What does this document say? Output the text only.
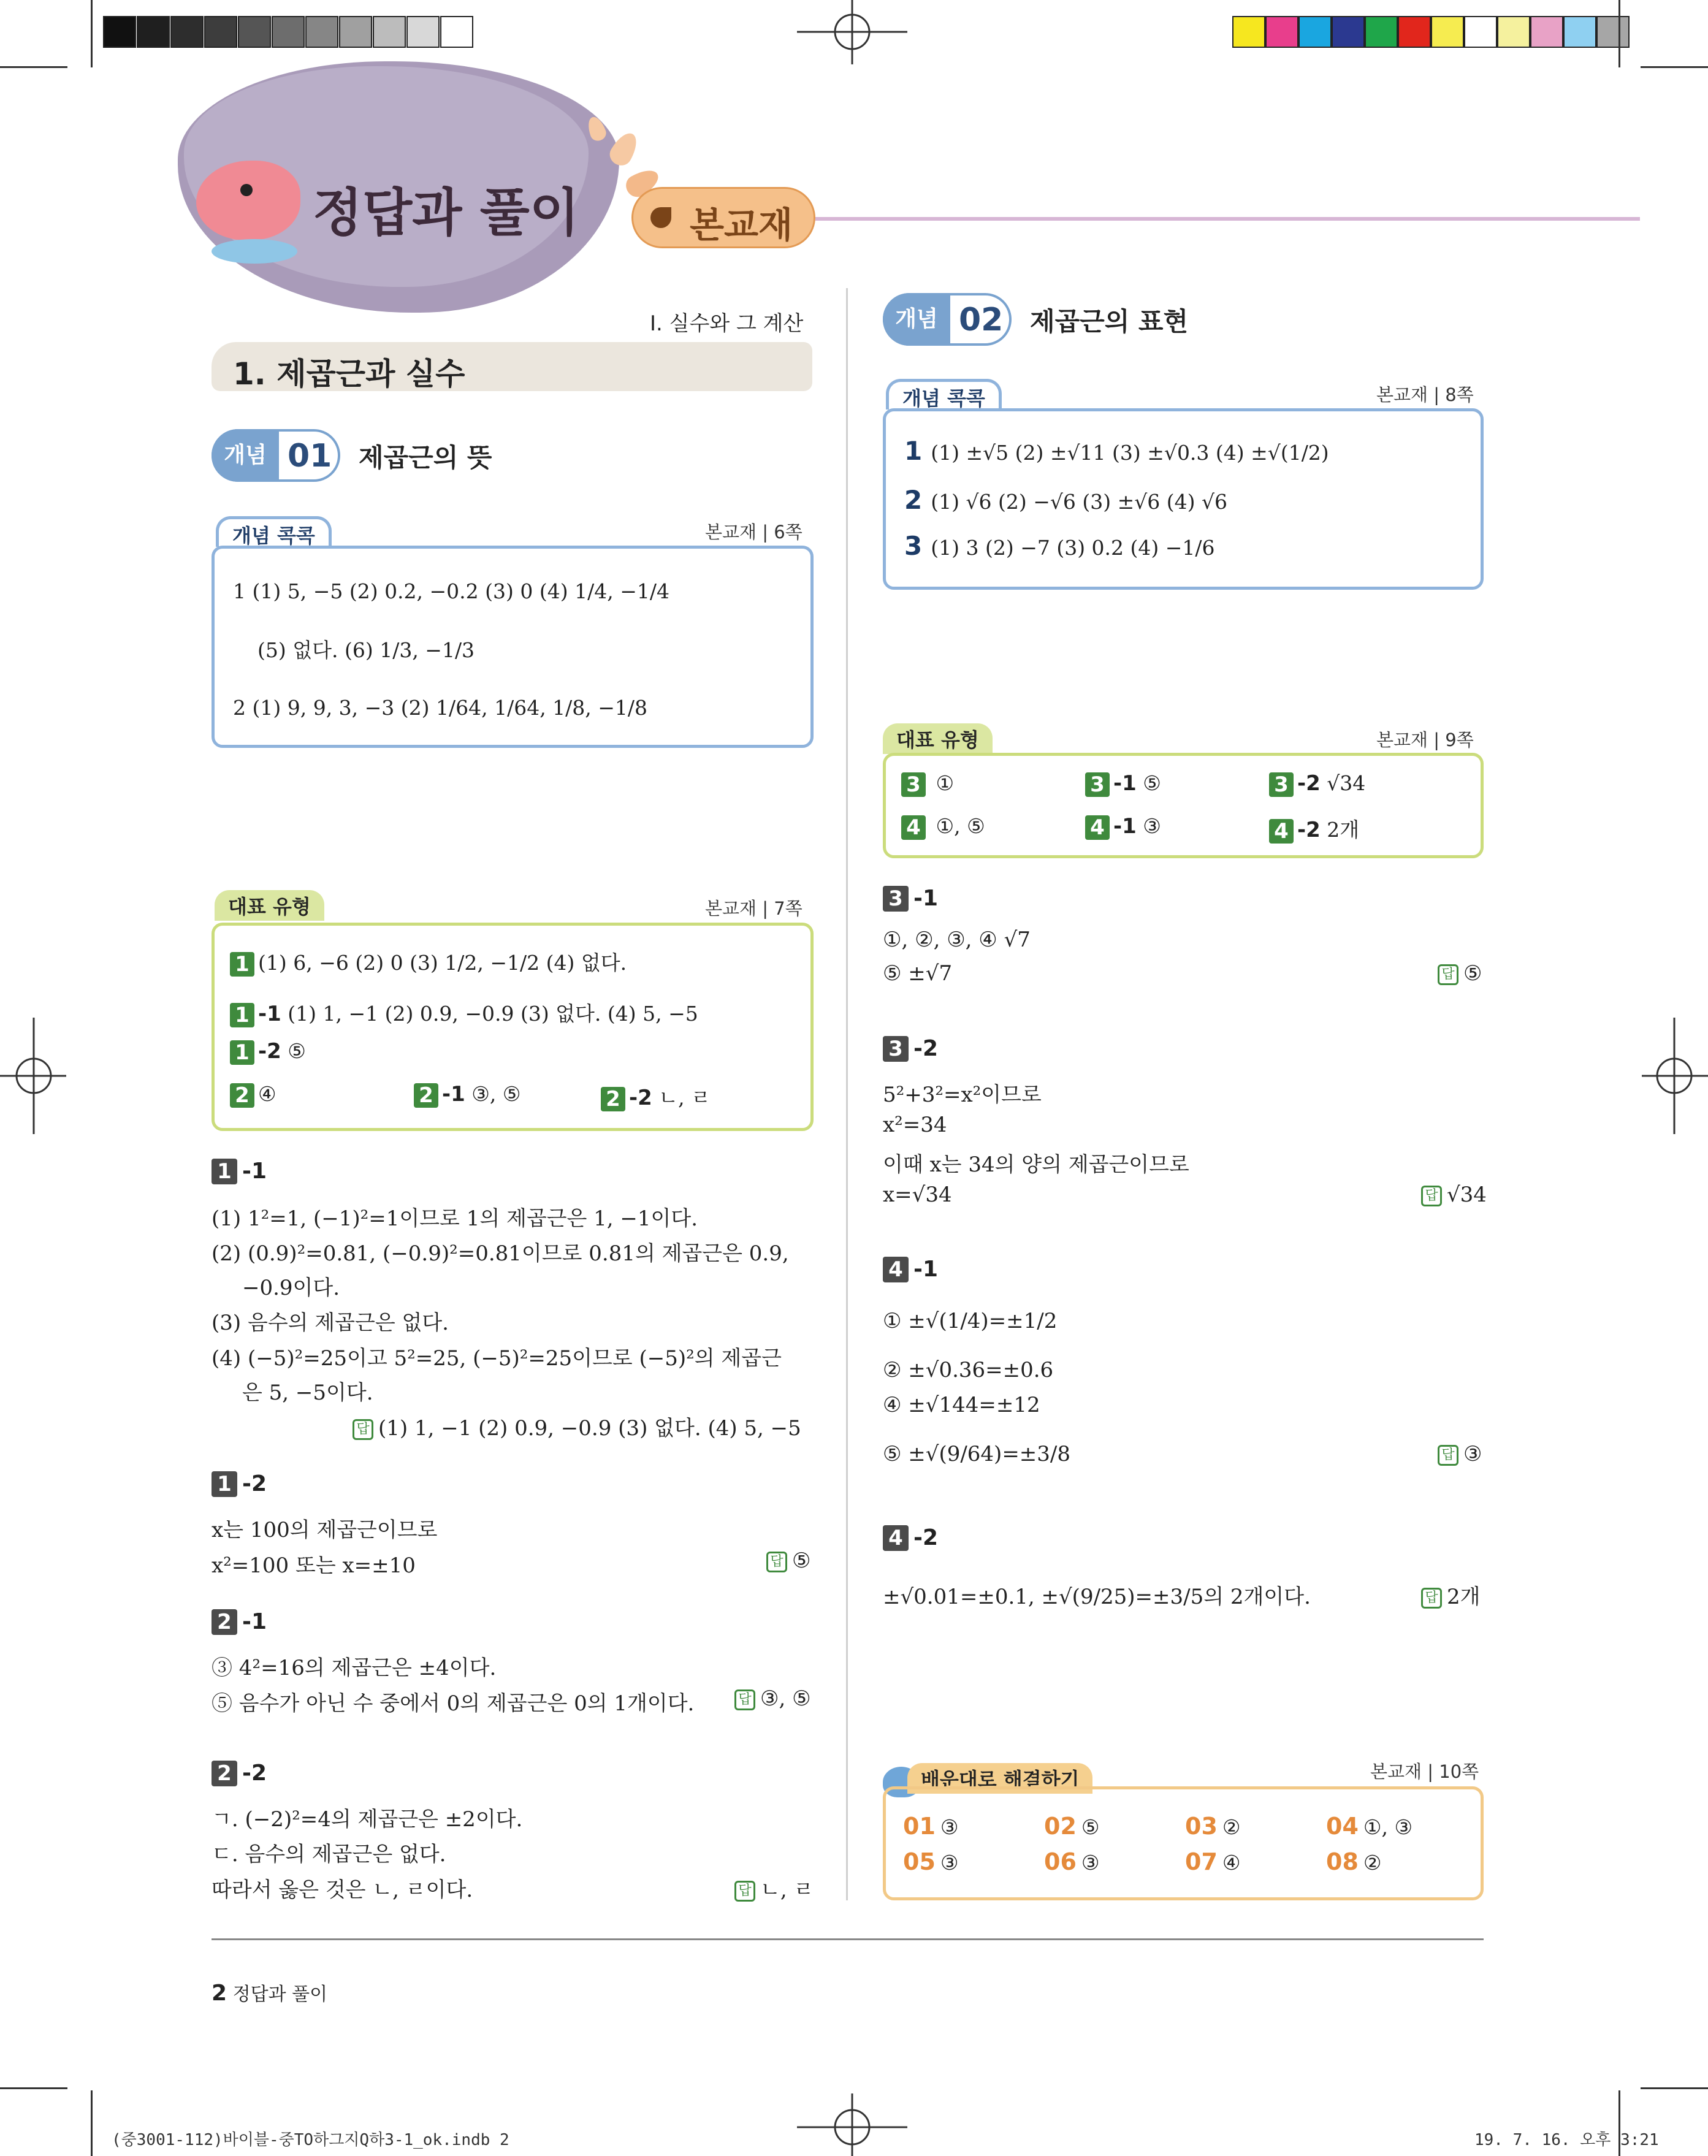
정답과 풀이	본교재
I. 실수와 그 계산
1. 제곱근과 실수
개념 01 제곱근의 뜻
개념 콕콕	본교재 | 6쪽
1 (1) 5, −5 (2) 0.2, −0.2 (3) 0 (4) 1/4, −1/4
(5) 없다. (6) 1/3, −1/3
2 (1) 9, 9, 3, −3 (2) 1/64, 1/64, 1/8, −1/8
대표 유형	본교재 | 7쪽
1 (1) 6, −6 (2) 0 (3) 1/2, −1/2 (4) 없다.
1 -1 (1) 1, −1 (2) 0.9, −0.9 (3) 없다. (4) 5, −5
1 -2 ⑤
2 ④	2 -1 ③, ⑤	2 -2 ㄴ, ㄹ
1 -1
(1) 1²=1, (−1)²=1이므로 1의 제곱근은 1, −1이다.
(2) (0.9)²=0.81, (−0.9)²=0.81이므로 0.81의 제곱근은 0.9,
−0.9이다.
(3) 음수의 제곱근은 없다.
(4) (−5)²=25이고 5²=25, (−5)²=25이므로 (−5)²의 제곱근
은 5, −5이다.
답 (1) 1, −1 (2) 0.9, −0.9 (3) 없다. (4) 5, −5
1 -2
x는 100의 제곱근이므로
x²=100 또는 x=±10	답 ⑤
2 -1
③ 4²=16의 제곱근은 ±4이다.
⑤ 음수가 아닌 수 중에서 0의 제곱근은 0의 1개이다.	답 ③, ⑤
2 -2
ㄱ. (−2)²=4의 제곱근은 ±2이다.
ㄷ. 음수의 제곱근은 없다.
따라서 옳은 것은 ㄴ, ㄹ이다.	답 ㄴ, ㄹ
개념 02 제곱근의 표현
개념 콕콕	본교재 | 8쪽
1 (1) ±√5 (2) ±√11 (3) ±√0.3 (4) ±√(1/2)
2 (1) √6 (2) −√6 (3) ±√6 (4) √6
3 (1) 3 (2) −7 (3) 0.2 (4) −1/6
대표 유형	본교재 | 9쪽
3 ①	3 -1 ⑤	3 -2 √34
4 ①, ⑤	4 -1 ③	4 -2 2개
3 -1
①, ②, ③, ④ √7
⑤ ±√7	답 ⑤
3 -2
5²+3²=x²이므로
x²=34
이때 x는 34의 양의 제곱근이므로
x=√34	답 √34
4 -1
① ±√(1/4)=±1/2
② ±√0.36=±0.6
④ ±√144=±12
⑤ ±√(9/64)=±3/8	답 ③
4 -2
±√0.01=±0.1, ±√(9/25)=±3/5의 2개이다.	답 2개
배운대로 해결하기	본교재 | 10쪽
01 ③	02 ⑤	03 ②	04 ①, ③
05 ③	06 ③	07 ④	08 ②
2 정답과 풀이
(중3001-112)바이블-중TO하그지Q하3-1_ok.indb 2	19. 7. 16. 오후 3:21
